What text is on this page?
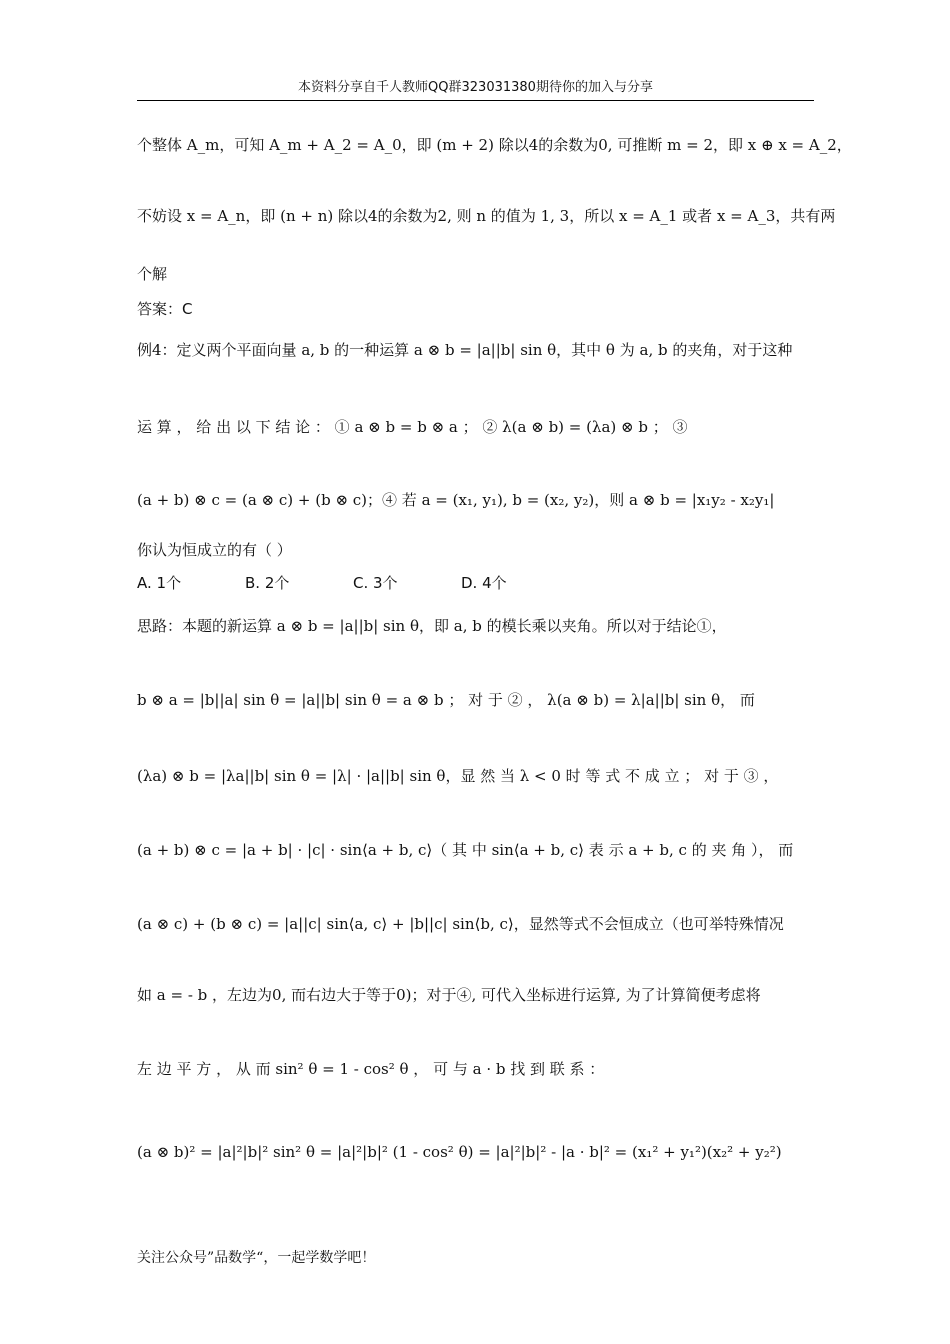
本资料分享自千人教师QQ群323031380期待你的加入与分享
个整体 A_m，可知 A_m + A_2 = A_0，即 (m + 2) 除以4的余数为0, 可推断 m = 2，即 x ⊕ x = A_2，
不妨设 x = A_n，即 (n + n) 除以4的余数为2, 则 n 的值为 1, 3，所以 x = A_1 或者 x = A_3，共有两
个解
答案：C
例4：定义两个平面向量 a, b 的一种运算 a ⊗ b = |a||b| sin θ，其中 θ 为 a, b 的夹角，对于这种
运 算 ， 给 出 以 下 结 论 ： ① a ⊗ b = b ⊗ a ； ② λ(a ⊗ b) = (λa) ⊗ b ； ③
(a + b) ⊗ c = (a ⊗ c) + (b ⊗ c)；④ 若 a = (x₁, y₁), b = (x₂, y₂)，则 a ⊗ b = |x₁y₂ - x₂y₁|
你认为恒成立的有（ ）
A. 1个	B. 2个	C. 3个	D. 4个
思路：本题的新运算 a ⊗ b = |a||b| sin θ，即 a, b 的模长乘以夹角。所以对于结论①，
b ⊗ a = |b||a| sin θ = |a||b| sin θ = a ⊗ b ； 对 于 ② ， λ(a ⊗ b) = λ|a||b| sin θ， 而
(λa) ⊗ b = |λa||b| sin θ = |λ| · |a||b| sin θ，显 然 当 λ < 0 时 等 式 不 成 立 ； 对 于 ③ ，
(a + b) ⊗ c = |a + b| · |c| · sin⟨a + b, c⟩（ 其 中 sin⟨a + b, c⟩ 表 示 a + b, c 的 夹 角 ）， 而
(a ⊗ c) + (b ⊗ c) = |a||c| sin⟨a, c⟩ + |b||c| sin⟨b, c⟩，显然等式不会恒成立（也可举特殊情况
如 a = - b ，左边为0, 而右边大于等于0)；对于④, 可代入坐标进行运算, 为了计算简便考虑将
左 边 平 方 ， 从 而 sin² θ = 1 - cos² θ ， 可 与 a · b 找 到 联 系 ：
(a ⊗ b)² = |a|²|b|² sin² θ = |a|²|b|² (1 - cos² θ) = |a|²|b|² - |a · b|² = (x₁² + y₁²)(x₂² + y₂²)
关注公众号”品数学“，一起学数学吧！
